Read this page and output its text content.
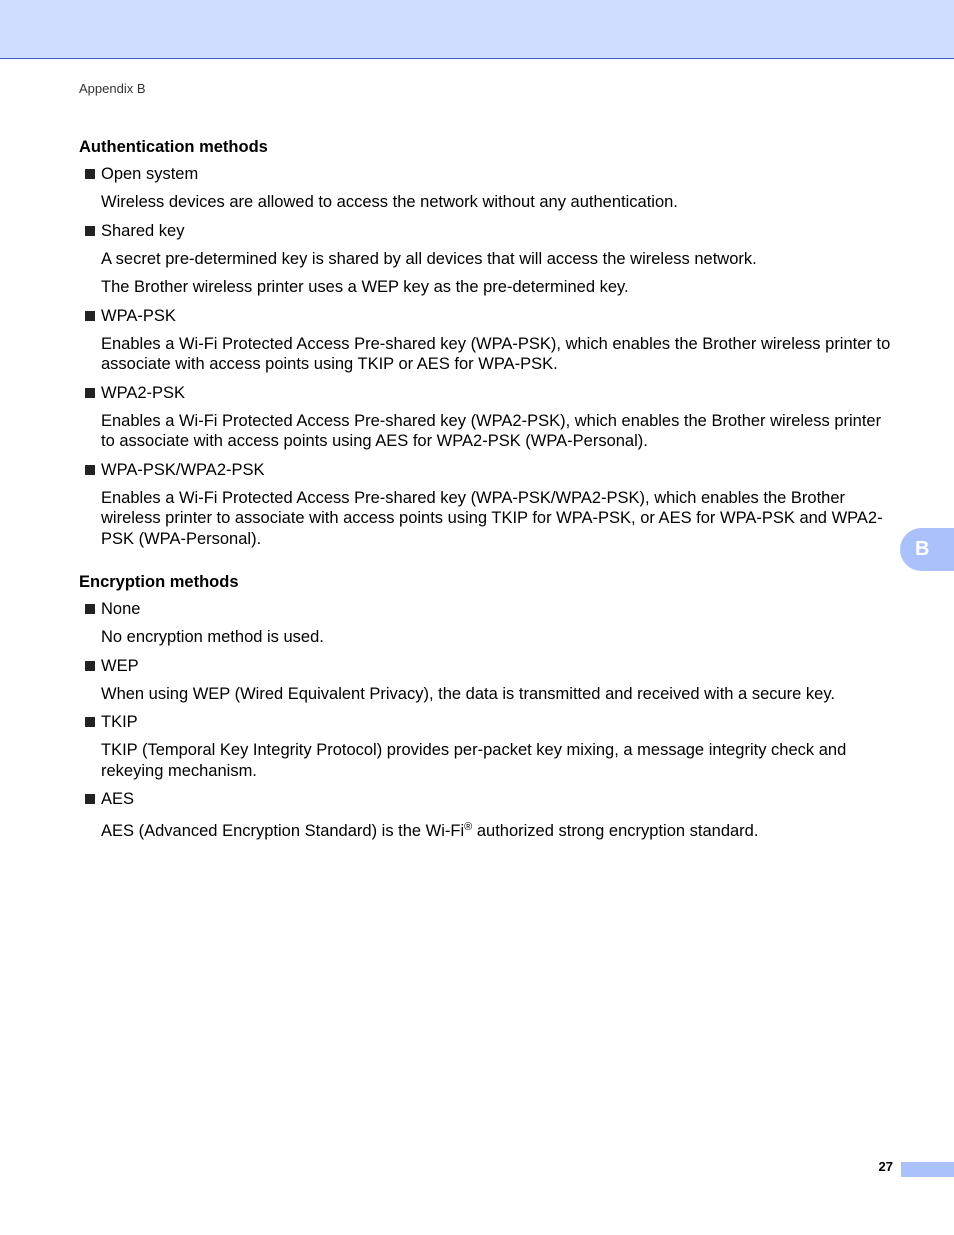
Appendix B
Authentication methods
Open system
Wireless devices are allowed to access the network without any authentication.
Shared key
A secret pre-determined key is shared by all devices that will access the wireless network.
The Brother wireless printer uses a WEP key as the pre-determined key.
WPA-PSK
Enables a Wi-Fi Protected Access Pre-shared key (WPA-PSK), which enables the Brother wireless printer to associate with access points using TKIP or AES for WPA-PSK.
WPA2-PSK
Enables a Wi-Fi Protected Access Pre-shared key (WPA2-PSK), which enables the Brother wireless printer to associate with access points using AES for WPA2-PSK (WPA-Personal).
WPA-PSK/WPA2-PSK
Enables a Wi-Fi Protected Access Pre-shared key (WPA-PSK/WPA2-PSK), which enables the Brother wireless printer to associate with access points using TKIP for WPA-PSK, or AES for WPA-PSK and WPA2-PSK (WPA-Personal).
Encryption methods
None
No encryption method is used.
WEP
When using WEP (Wired Equivalent Privacy), the data is transmitted and received with a secure key.
TKIP
TKIP (Temporal Key Integrity Protocol) provides per-packet key mixing, a message integrity check and rekeying mechanism.
AES
AES (Advanced Encryption Standard) is the Wi-Fi® authorized strong encryption standard.
B
27
